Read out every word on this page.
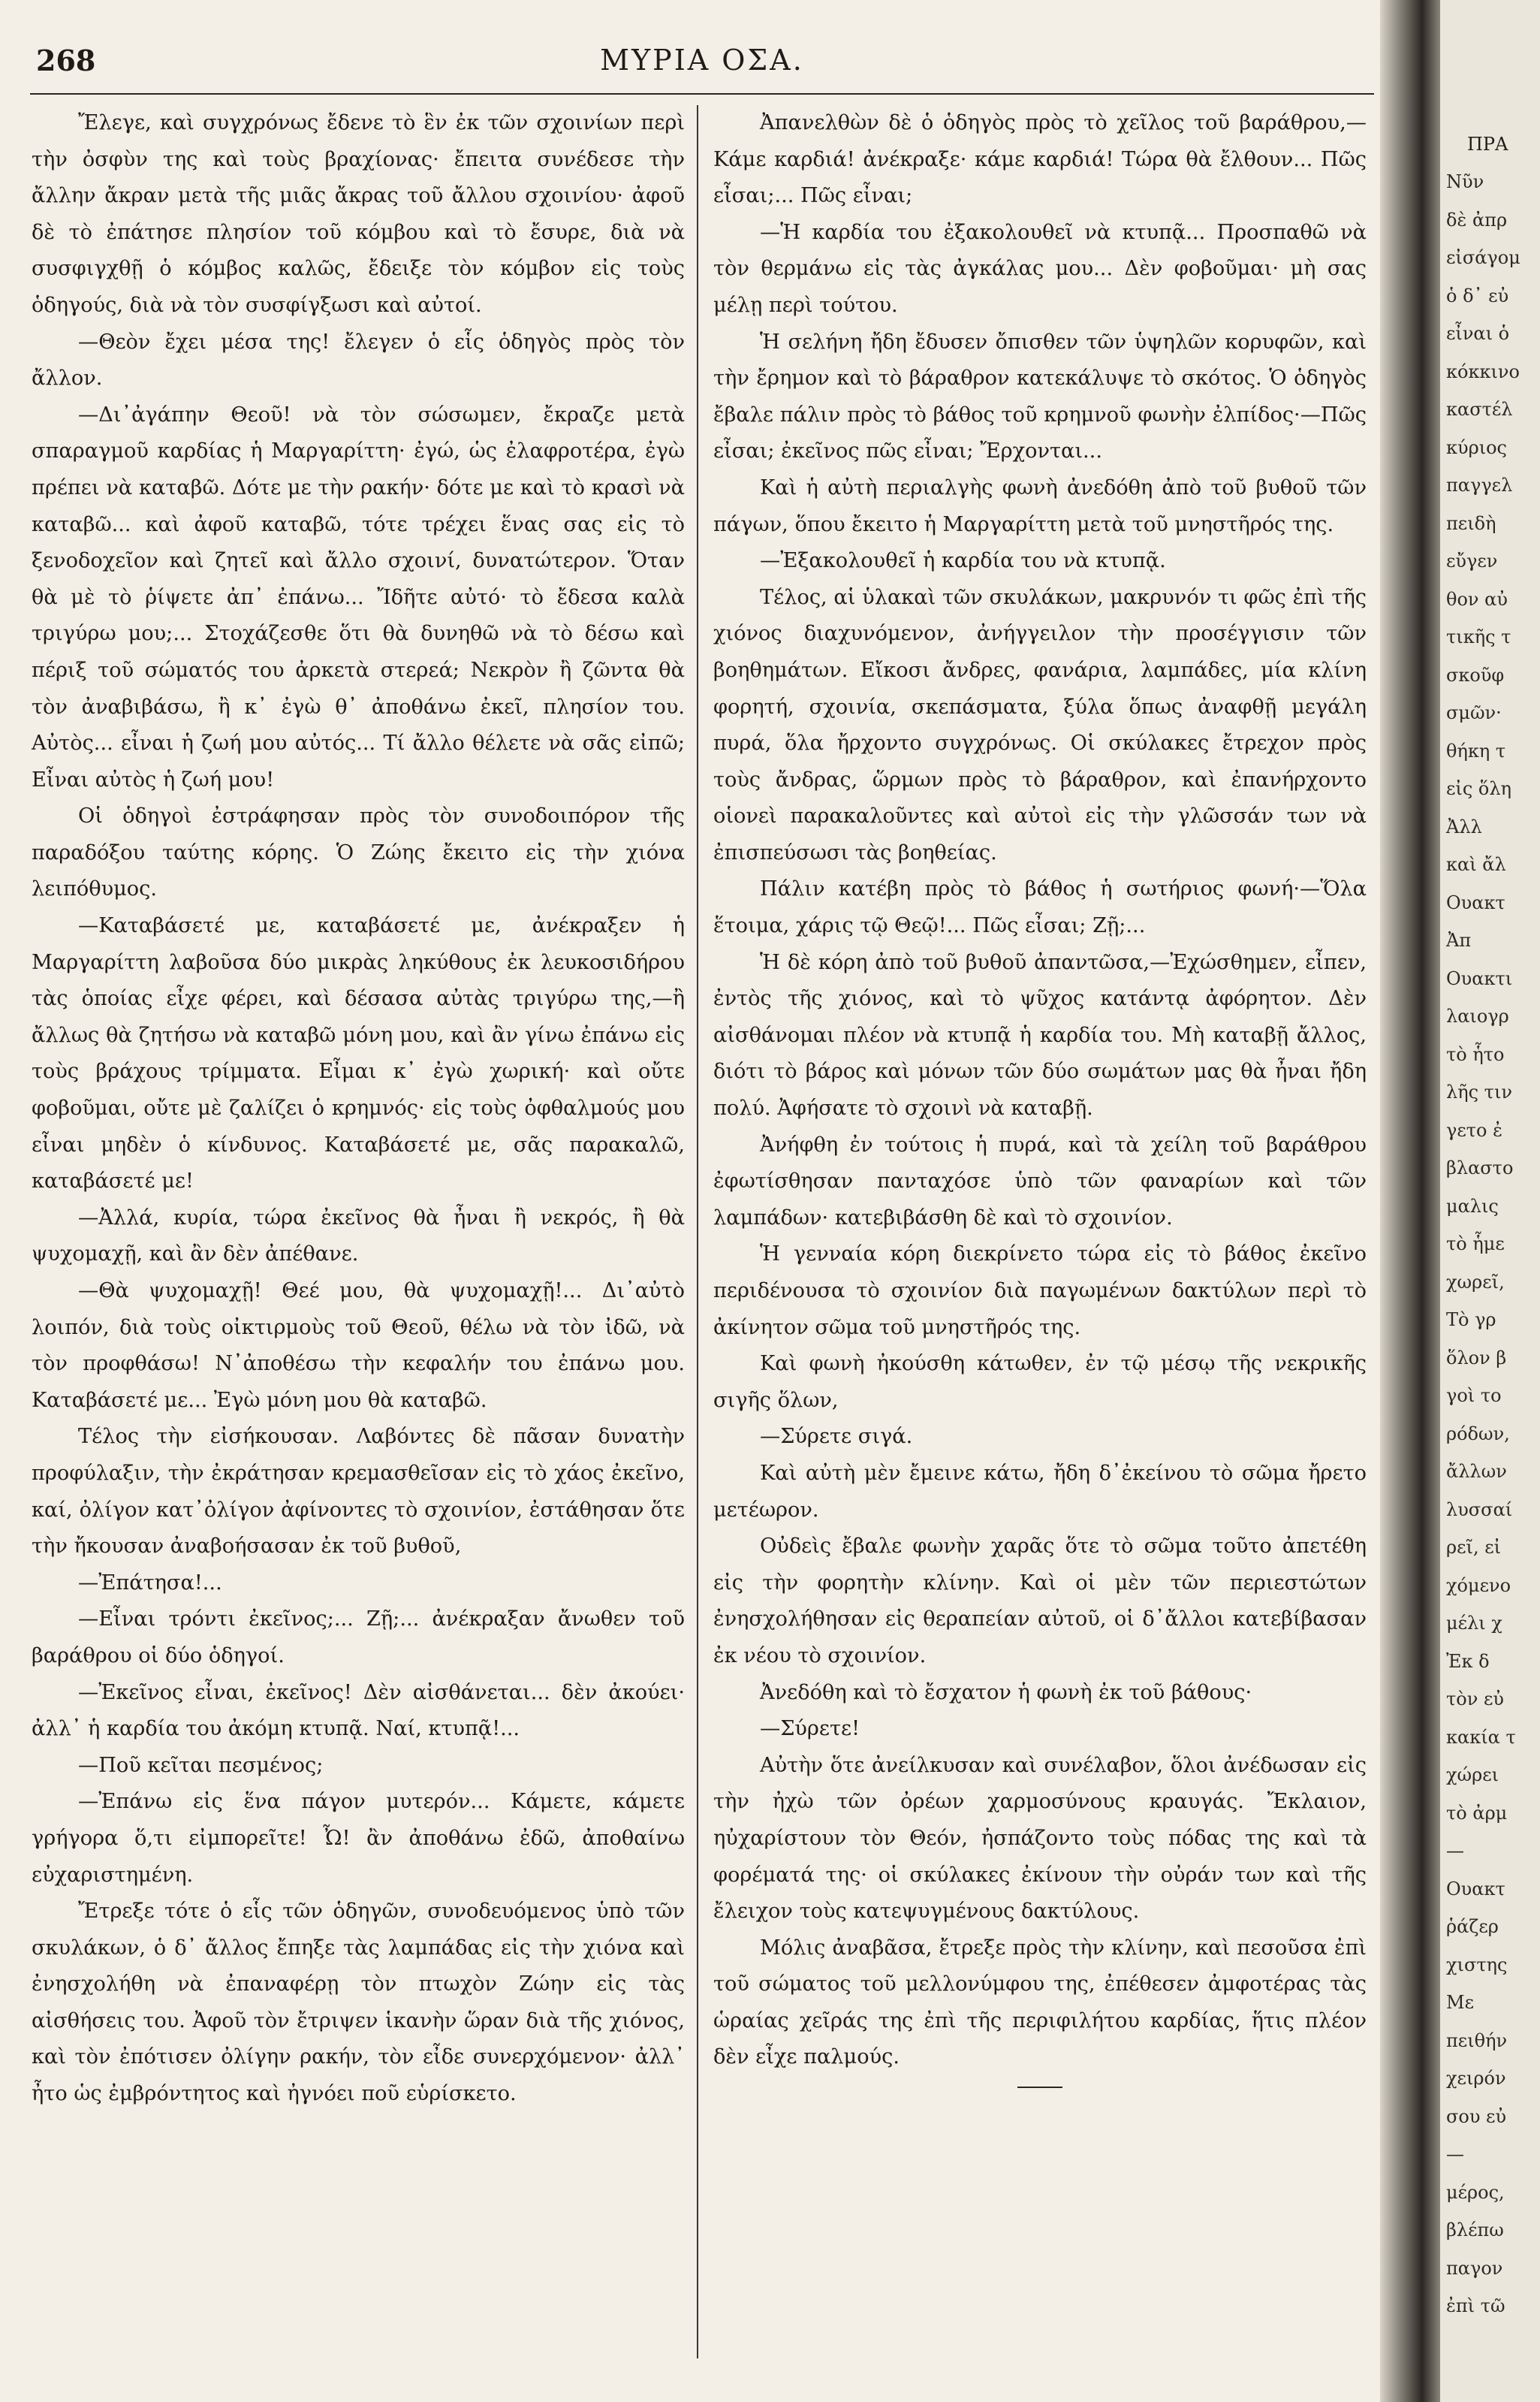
268	ΜΥΡΙΑ ΟΣΑ.

Ἔλεγε, καὶ συγχρόνως ἔδενε τὸ ἓν ἐκ τῶν σχοινίων περὶ τὴν ὀσφὺν της καὶ τοὺς βραχίονας· ἔπειτα συνέδεσε τὴν ἄλλην ἄκραν μετὰ τῆς μιᾶς ἄκρας τοῦ ἄλλου σχοινίου· ἀφοῦ δὲ τὸ ἐπάτησε πλησίον τοῦ κόμβου καὶ τὸ ἔσυρε, διὰ νὰ συσφιγχθῇ ὁ κόμβος καλῶς, ἔδειξε τὸν κόμβον εἰς τοὺς ὁδηγούς, διὰ νὰ τὸν συσφίγξωσι καὶ αὐτοί.

—Θεὸν ἔχει μέσα της! ἔλεγεν ὁ εἷς ὁδηγὸς πρὸς τὸν ἄλλον.

—Δι᾽ἀγάπην Θεοῦ! νὰ τὸν σώσωμεν, ἔκραζε μετὰ σπαραγμοῦ καρδίας ἡ Μαργαρίττη· ἐγώ, ὡς ἐλαφροτέρα, ἐγὼ πρέπει νὰ καταβῶ. Δότε με τὴν ρακήν· δότε με καὶ τὸ κρασὶ νὰ καταβῶ... καὶ ἀφοῦ καταβῶ, τότε τρέχει ἕνας σας εἰς τὸ ξενοδοχεῖον καὶ ζητεῖ καὶ ἄλλο σχοινί, δυνατώτερον. Ὅταν θὰ μὲ τὸ ῥίψετε ἀπ᾽ ἐπάνω... Ἴδῆτε αὐτό· τὸ ἔδεσα καλὰ τριγύρω μου;... Στοχάζεσθε ὅτι θὰ δυνηθῶ νὰ τὸ δέσω καὶ πέριξ τοῦ σώματός του ἀρκετὰ στερεά; Νεκρὸν ἢ ζῶντα θὰ τὸν ἀναβιβάσω, ἢ κ᾽ ἐγὼ θ᾽ ἀποθάνω ἐκεῖ, πλησίον του. Αὐτὸς... εἶναι ἡ ζωή μου αὐτός... Τί ἄλλο θέλετε νὰ σᾶς εἰπῶ; Εἶναι αὐτὸς ἡ ζωή μου!

Οἱ ὁδηγοὶ ἐστράφησαν πρὸς τὸν συνοδοιπόρον τῆς παραδόξου ταύτης κόρης. Ὁ Ζώης ἔκειτο εἰς τὴν χιόνα λειπόθυμος.

—Καταβάσετέ με, καταβάσετέ με, ἀνέκραξεν ἡ Μαργαρίττη λαβοῦσα δύο μικρὰς ληκύθους ἐκ λευκοσιδήρου τὰς ὁποίας εἶχε φέρει, καὶ δέσασα αὐτὰς τριγύρω της,—ἢ ἄλλως θὰ ζητήσω νὰ καταβῶ μόνη μου, καὶ ἂν γίνω ἐπάνω εἰς τοὺς βράχους τρίμματα. Εἶμαι κ᾽ ἐγὼ χωρική· καὶ οὔτε φοβοῦμαι, οὔτε μὲ ζαλίζει ὁ κρημνός· εἰς τοὺς ὀφθαλμούς μου εἶναι μηδὲν ὁ κίνδυνος. Καταβάσετέ με, σᾶς παρακαλῶ, καταβάσετέ με!

—Ἀλλά, κυρία, τώρα ἐκεῖνος θὰ ἦναι ἢ νεκρός, ἢ θὰ ψυχομαχῇ, καὶ ἂν δὲν ἀπέθανε.

—Θὰ ψυχομαχῇ! Θεέ μου, θὰ ψυχομαχῇ!... Δι᾽αὐτὸ λοιπόν, διὰ τοὺς οἰκτιρμοὺς τοῦ Θεοῦ, θέλω νὰ τὸν ἰδῶ, νὰ τὸν προφθάσω! Ν᾽ἀποθέσω τὴν κεφαλήν του ἐπάνω μου. Καταβάσετέ με... Ἐγὼ μόνη μου θὰ καταβῶ.

Τέλος τὴν εἰσήκουσαν. Λαβόντες δὲ πᾶσαν δυνατὴν προφύλαξιν, τὴν ἐκράτησαν κρεμασθεῖσαν εἰς τὸ χάος ἐκεῖνο, καί, ὀλίγον κατ᾽ὀλίγον ἀφίνοντες τὸ σχοινίον, ἐστάθησαν ὅτε τὴν ἤκουσαν ἀναβοήσασαν ἐκ τοῦ βυθοῦ,

—Ἐπάτησα!...

—Εἶναι τρόντι ἐκεῖνος;... Ζῇ;... ἀνέκραξαν ἄνωθεν τοῦ βαράθρου οἱ δύο ὁδηγοί.

—Ἐκεῖνος εἶναι, ἐκεῖνος! Δὲν αἰσθάνεται... δὲν ἀκούει· ἀλλ᾽ ἡ καρδία του ἀκόμη κτυπᾷ. Ναί, κτυπᾷ!...

—Ποῦ κεῖται πεσμένος;

—Ἐπάνω εἰς ἕνα πάγον μυτερόν... Κάμετε, κάμετε γρήγορα ὅ,τι εἰμπορεῖτε! Ὦ! ἂν ἀποθάνω ἐδῶ, ἀποθαίνω εὐχαριστημένη.

Ἔτρεξε τότε ὁ εἷς τῶν ὁδηγῶν, συνοδευόμενος ὑπὸ τῶν σκυλάκων, ὁ δ᾽ ἄλλος ἔπηξε τὰς λαμπάδας εἰς τὴν χιόνα καὶ ἐνησχολήθη νὰ ἐπαναφέρῃ τὸν πτωχὸν Ζώην εἰς τὰς αἰσθήσεις του. Ἀφοῦ τὸν ἔτριψεν ἱκανὴν ὥραν διὰ τῆς χιόνος, καὶ τὸν ἐπότισεν ὀλίγην ρακήν, τὸν εἶδε συνερχόμενον· ἀλλ᾽ ἦτο ὡς ἐμβρόντητος καὶ ἠγνόει ποῦ εὑρίσκετο.

Ἀπανελθὼν δὲ ὁ ὁδηγὸς πρὸς τὸ χεῖλος τοῦ βαράθρου,—Κάμε καρδιά! ἀνέκραξε· κάμε καρδιά! Τώρα θὰ ἔλθουν... Πῶς εἶσαι;... Πῶς εἶναι;

—Ἡ καρδία του ἐξακολουθεῖ νὰ κτυπᾷ... Προσπαθῶ νὰ τὸν θερμάνω εἰς τὰς ἀγκάλας μου... Δὲν φοβοῦμαι· μὴ σας μέλῃ περὶ τούτου.

Ἡ σελήνη ἤδη ἔδυσεν ὄπισθεν τῶν ὑψηλῶν κορυφῶν, καὶ τὴν ἔρημον καὶ τὸ βάραθρον κατεκάλυψε τὸ σκότος. Ὁ ὁδηγὸς ἔβαλε πάλιν πρὸς τὸ βάθος τοῦ κρημνοῦ φωνὴν ἐλπίδος·—Πῶς εἶσαι; ἐκεῖνος πῶς εἶναι; Ἔρχονται...

Καὶ ἡ αὐτὴ περιαλγὴς φωνὴ ἀνεδόθη ἀπὸ τοῦ βυθοῦ τῶν πάγων, ὅπου ἔκειτο ἡ Μαργαρίττη μετὰ τοῦ μνηστῆρός της.

—Ἐξακολουθεῖ ἡ καρδία του νὰ κτυπᾷ.

Τέλος, αἱ ὑλακαὶ τῶν σκυλάκων, μακρυνόν τι φῶς ἐπὶ τῆς χιόνος διαχυνόμενον, ἀνήγγειλον τὴν προσέγγισιν τῶν βοηθημάτων. Εἴκοσι ἄνδρες, φανάρια, λαμπάδες, μία κλίνη φορητή, σχοινία, σκεπάσματα, ξύλα ὅπως ἀναφθῇ μεγάλη πυρά, ὅλα ἤρχοντο συγχρόνως. Οἱ σκύλακες ἔτρεχον πρὸς τοὺς ἄνδρας, ὥρμων πρὸς τὸ βάραθρον, καὶ ἐπανήρχοντο οἱονεὶ παρακαλοῦντες καὶ αὐτοὶ εἰς τὴν γλῶσσάν των νὰ ἐπισπεύσωσι τὰς βοηθείας.

Πάλιν κατέβη πρὸς τὸ βάθος ἡ σωτήριος φωνή·—Ὅλα ἕτοιμα, χάρις τῷ Θεῷ!... Πῶς εἶσαι; Ζῇ;...

Ἡ δὲ κόρη ἀπὸ τοῦ βυθοῦ ἀπαντῶσα,—Ἐχώσθημεν, εἶπεν, ἐντὸς τῆς χιόνος, καὶ τὸ ψῦχος κατάντᾳ ἀφόρητον. Δὲν αἰσθάνομαι πλέον νὰ κτυπᾷ ἡ καρδία του. Μὴ καταβῇ ἄλλος, διότι τὸ βάρος καὶ μόνων τῶν δύο σωμάτων μας θὰ ἦναι ἤδη πολύ. Ἀφήσατε τὸ σχοινὶ νὰ καταβῇ.

Ἀνήφθη ἐν τούτοις ἡ πυρά, καὶ τὰ χείλη τοῦ βαράθρου ἐφωτίσθησαν πανταχόσε ὑπὸ τῶν φαναρίων καὶ τῶν λαμπάδων· κατεβιβάσθη δὲ καὶ τὸ σχοινίον.

Ἡ γενναία κόρη διεκρίνετο τώρα εἰς τὸ βάθος ἐκεῖνο περιδένουσα τὸ σχοινίον διὰ παγωμένων δακτύλων περὶ τὸ ἀκίνητον σῶμα τοῦ μνηστῆρός της.

Καὶ φωνὴ ἠκούσθη κάτωθεν, ἐν τῷ μέσῳ τῆς νεκρικῆς σιγῆς ὅλων,

—Σύρετε σιγά.

Καὶ αὐτὴ μὲν ἔμεινε κάτω, ἤδη δ᾽ἐκείνου τὸ σῶμα ἤρετο μετέωρον.

Οὐδεὶς ἔβαλε φωνὴν χαρᾶς ὅτε τὸ σῶμα τοῦτο ἀπετέθη εἰς τὴν φορητὴν κλίνην. Καὶ οἱ μὲν τῶν περιεστώτων ἐνησχολήθησαν εἰς θεραπείαν αὐτοῦ, οἱ δ᾽ἄλλοι κατεβίβασαν ἐκ νέου τὸ σχοινίον.

Ἀνεδόθη καὶ τὸ ἔσχατον ἡ φωνὴ ἐκ τοῦ βάθους·

—Σύρετε!

Αὐτὴν ὅτε ἀνείλκυσαν καὶ συνέλαβον, ὅλοι ἀνέδωσαν εἰς τὴν ἠχὼ τῶν ὀρέων χαρμοσύνους κραυγάς. Ἔκλαιον, ηὐχαρίστουν τὸν Θεόν, ἠσπάζοντο τοὺς πόδας της καὶ τὰ φορέματά της· οἱ σκύλακες ἐκίνουν τὴν οὐράν των καὶ τῆς ἔλειχον τοὺς κατεψυγμένους δακτύλους.

Μόλις ἀναβᾶσα, ἔτρεξε πρὸς τὴν κλίνην, καὶ πεσοῦσα ἐπὶ τοῦ σώματος τοῦ μελλονύμφου της, ἐπέθεσεν ἀμφοτέρας τὰς ὡραίας χεῖράς της ἐπὶ τῆς περιφιλήτου καρδίας, ἥτις πλέον δὲν εἶχε παλμούς.

ΠΡΑ
Νῦν
δὲ ἀπρ
εἰσάγομ
ὁ δ᾽ εὐ
εἶναι ὁ
κόκκινο
καστέλ
κύριος
παγγελ
πειδὴ
εὔγεν
θον αὐ
τικῆς τ
σκοῦφ
σμῶν·
θήκη τ
εἰς ὅλη
Ἀλλ
καὶ ἄλ
Ουακτ
Ἀπ
Ουακτι
λαιογρ
τὸ ἧτο
λῆς τιν
γετο ἐ
βλαστο
μαλις
τὸ ἧμε
χωρεῖ,
Τὸ γρ
ὅλον β
γοὶ το
ρόδων,
ἄλλων
λυσσαί
ρεῖ, εἰ
χόμενο
μέλι χ
Ἐκ δ
τὸν εὐ
κακία τ
χώρει
τὸ ἀρμ
—
Ουακτ
ῥάζερ
χιστης
Με
πειθήν
χειρόν
σου εὐ
—
μέρος,
βλέπω
παγον
ἐπὶ τῶ
